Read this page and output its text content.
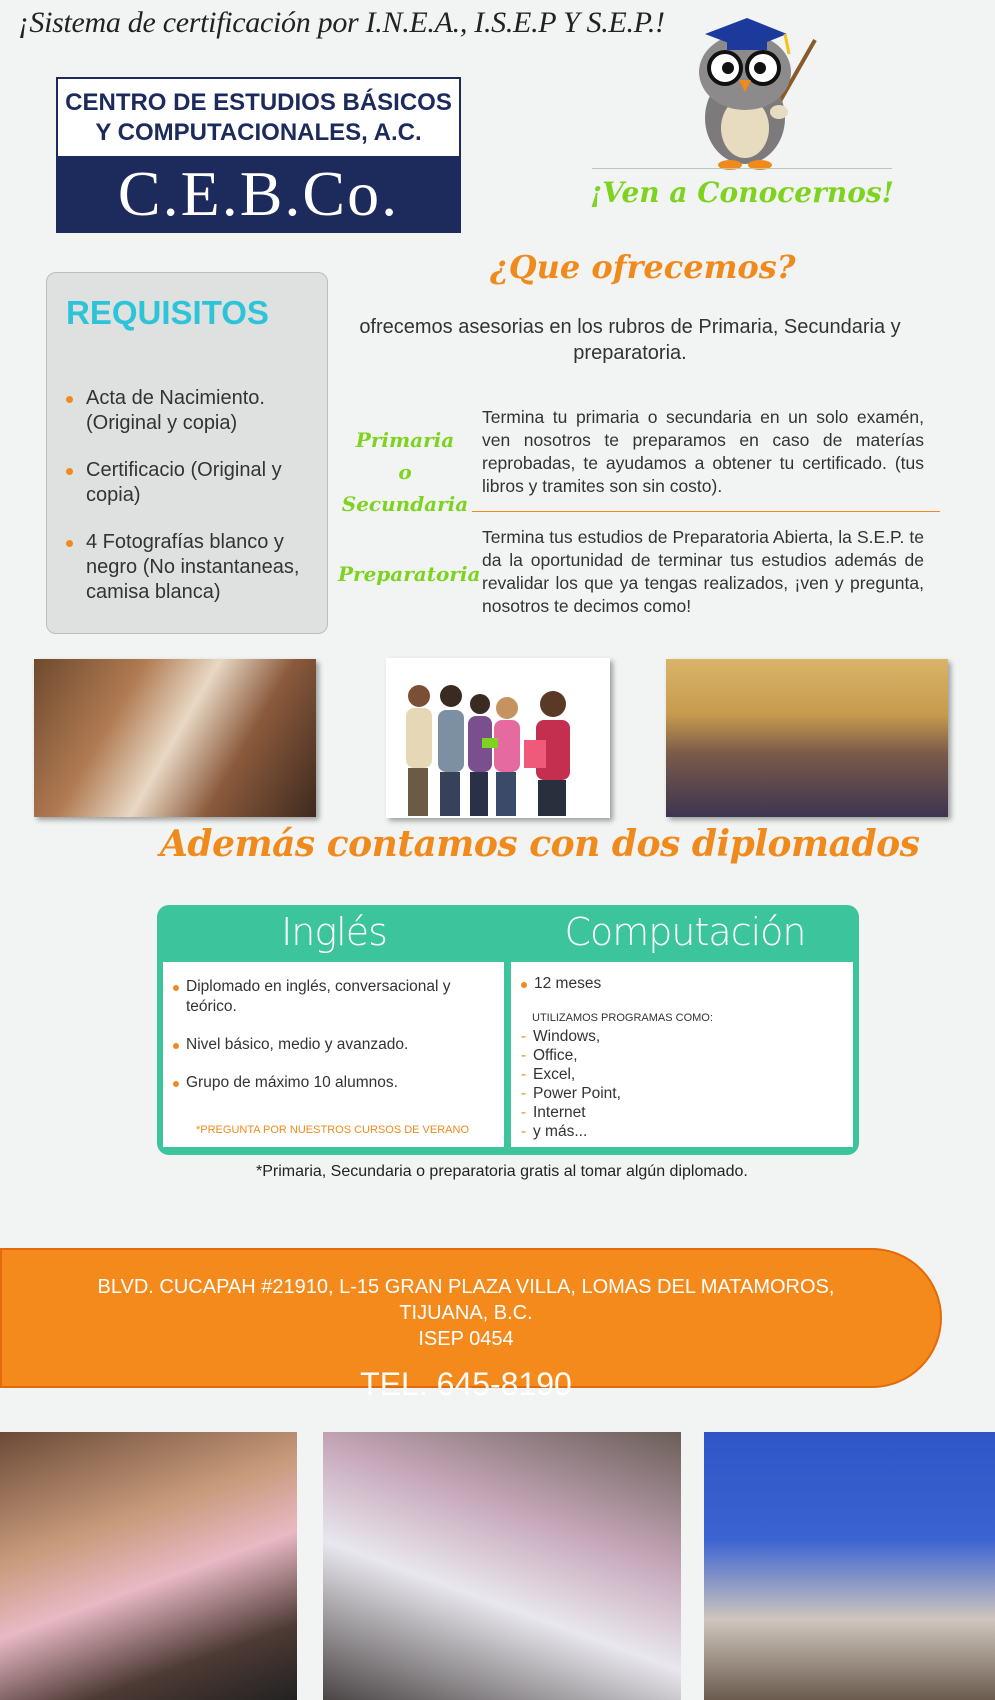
¡Sistema de certificación por I.N.E.A., I.S.E.P Y S.E.P.!
CENTRO DE ESTUDIOS BÁSICOS
Y COMPUTACIONALES, A.C.
C.E.B.Co.	¡Ven a Conocernos!
REQUISITOS
Acta de Nacimiento. (Original y copia)
Certificacio (Original y copia)
4 Fotografías blanco y negro (No instantaneas, camisa blanca)
¿Que ofrecemos?
ofrecemos asesorias en los rubros de Primaria, Secundaria y preparatoria.
Primaria
o Secundaria
Termina tu primaria o secundaria en un solo examén, ven nosotros te preparamos en caso de materías reprobadas, te ayudamos a obtener tu certificado. (tus libros y tramites son sin costo).
Preparatoria
Termina tus estudios de Preparatoria Abierta, la S.E.P. te da la oportunidad de terminar tus estudios además de revalidar los que ya tengas realizados, ¡ven y pregunta, nosotros te decimos como!
Además contamos con dos diplomados
Inglés	Computación
Diplomado en inglés, conversacional y teórico.
Nivel básico, medio y avanzado.
Grupo de máximo 10 alumnos.
*PREGUNTA POR NUESTROS CURSOS DE VERANO
12 meses
UTILIZAMOS PROGRAMAS COMO:
- Windows,
- Office,
- Excel,
- Power Point,
- Internet
- y más...
*Primaria, Secundaria o preparatoria gratis al tomar algún diplomado.
BLVD. CUCAPAH #21910, L-15 GRAN PLAZA VILLA, LOMAS DEL MATAMOROS,
TIJUANA, B.C.
ISEP 0454
TEL. 645-8190
